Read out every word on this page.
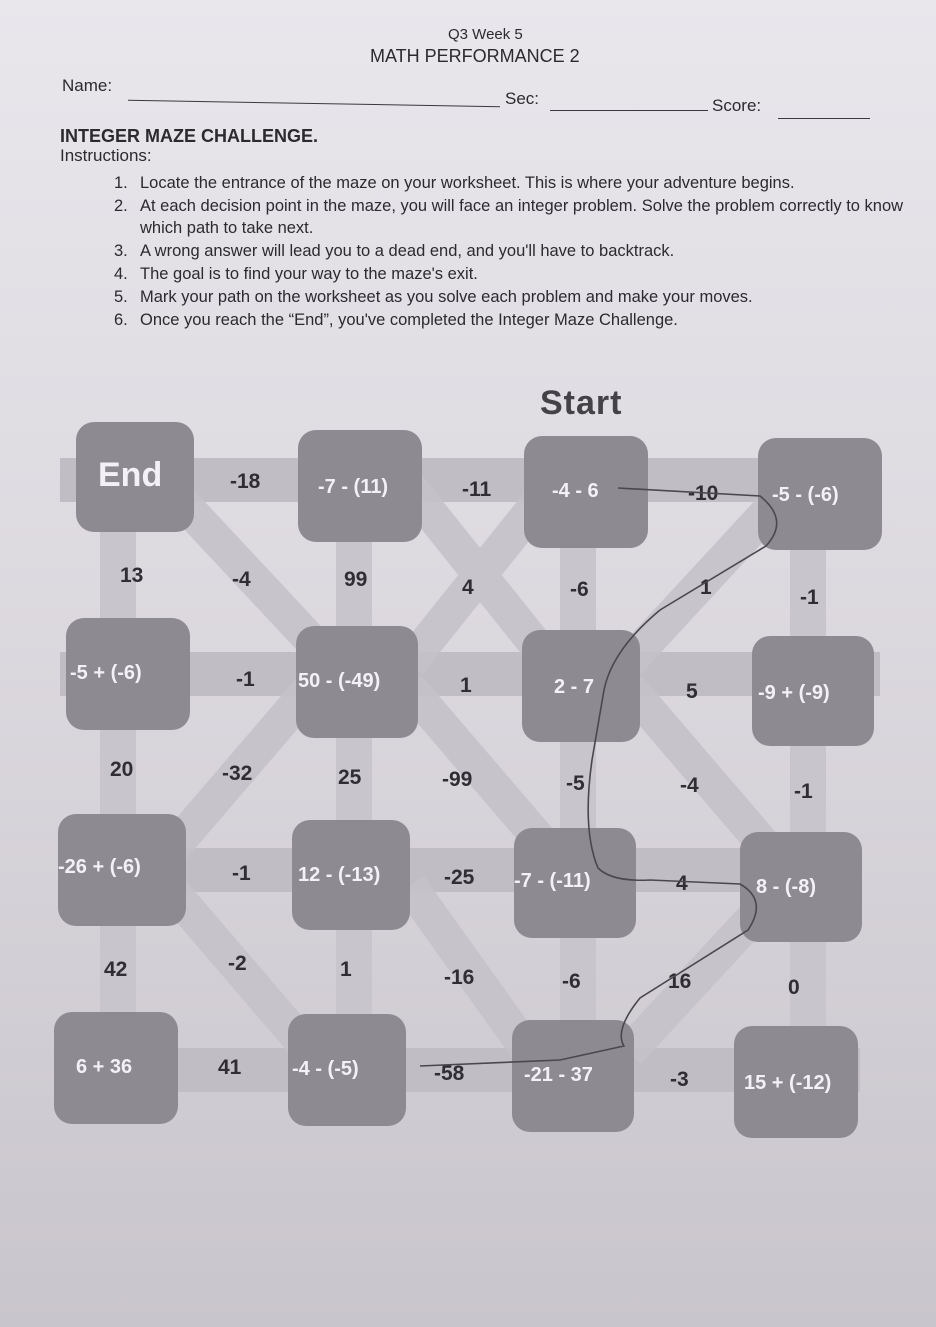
Q3 Week 5
MATH PERFORMANCE 2
Name:
Sec:	Score:
INTEGER MAZE CHALLENGE.
Instructions:
1. Locate the entrance of the maze on your worksheet. This is where your adventure begins.
2. At each decision point in the maze, you will face an integer problem. Solve the problem correctly to know which path to take next.
3. A wrong answer will lead you to a dead end, and you'll have to backtrack.
4. The goal is to find your way to the maze's exit.
5. Mark your path on the worksheet as you solve each problem and make your moves.
6. Once you reach the “End”, you've completed the Integer Maze Challenge.
Start
End	-18	-7 - (11)	-11	-4 - 6	-10	-5 - (-6)
13	-4	99	4	-6	1	-1
-5 + (-6)	-1 50 - (-49)	1	2 - 7	5	-9 + (-9)
20	-32	25	-99	-5	-4	-1
-26 + (-6)	-1 12 - (-13)	-25 -7 - (-11)	4	8 - (-8)
42	-2	1	-16	-6	16	0
6 + 36	41	-4 - (-5)	-58	-21 - 37	-3	15 + (-12)
